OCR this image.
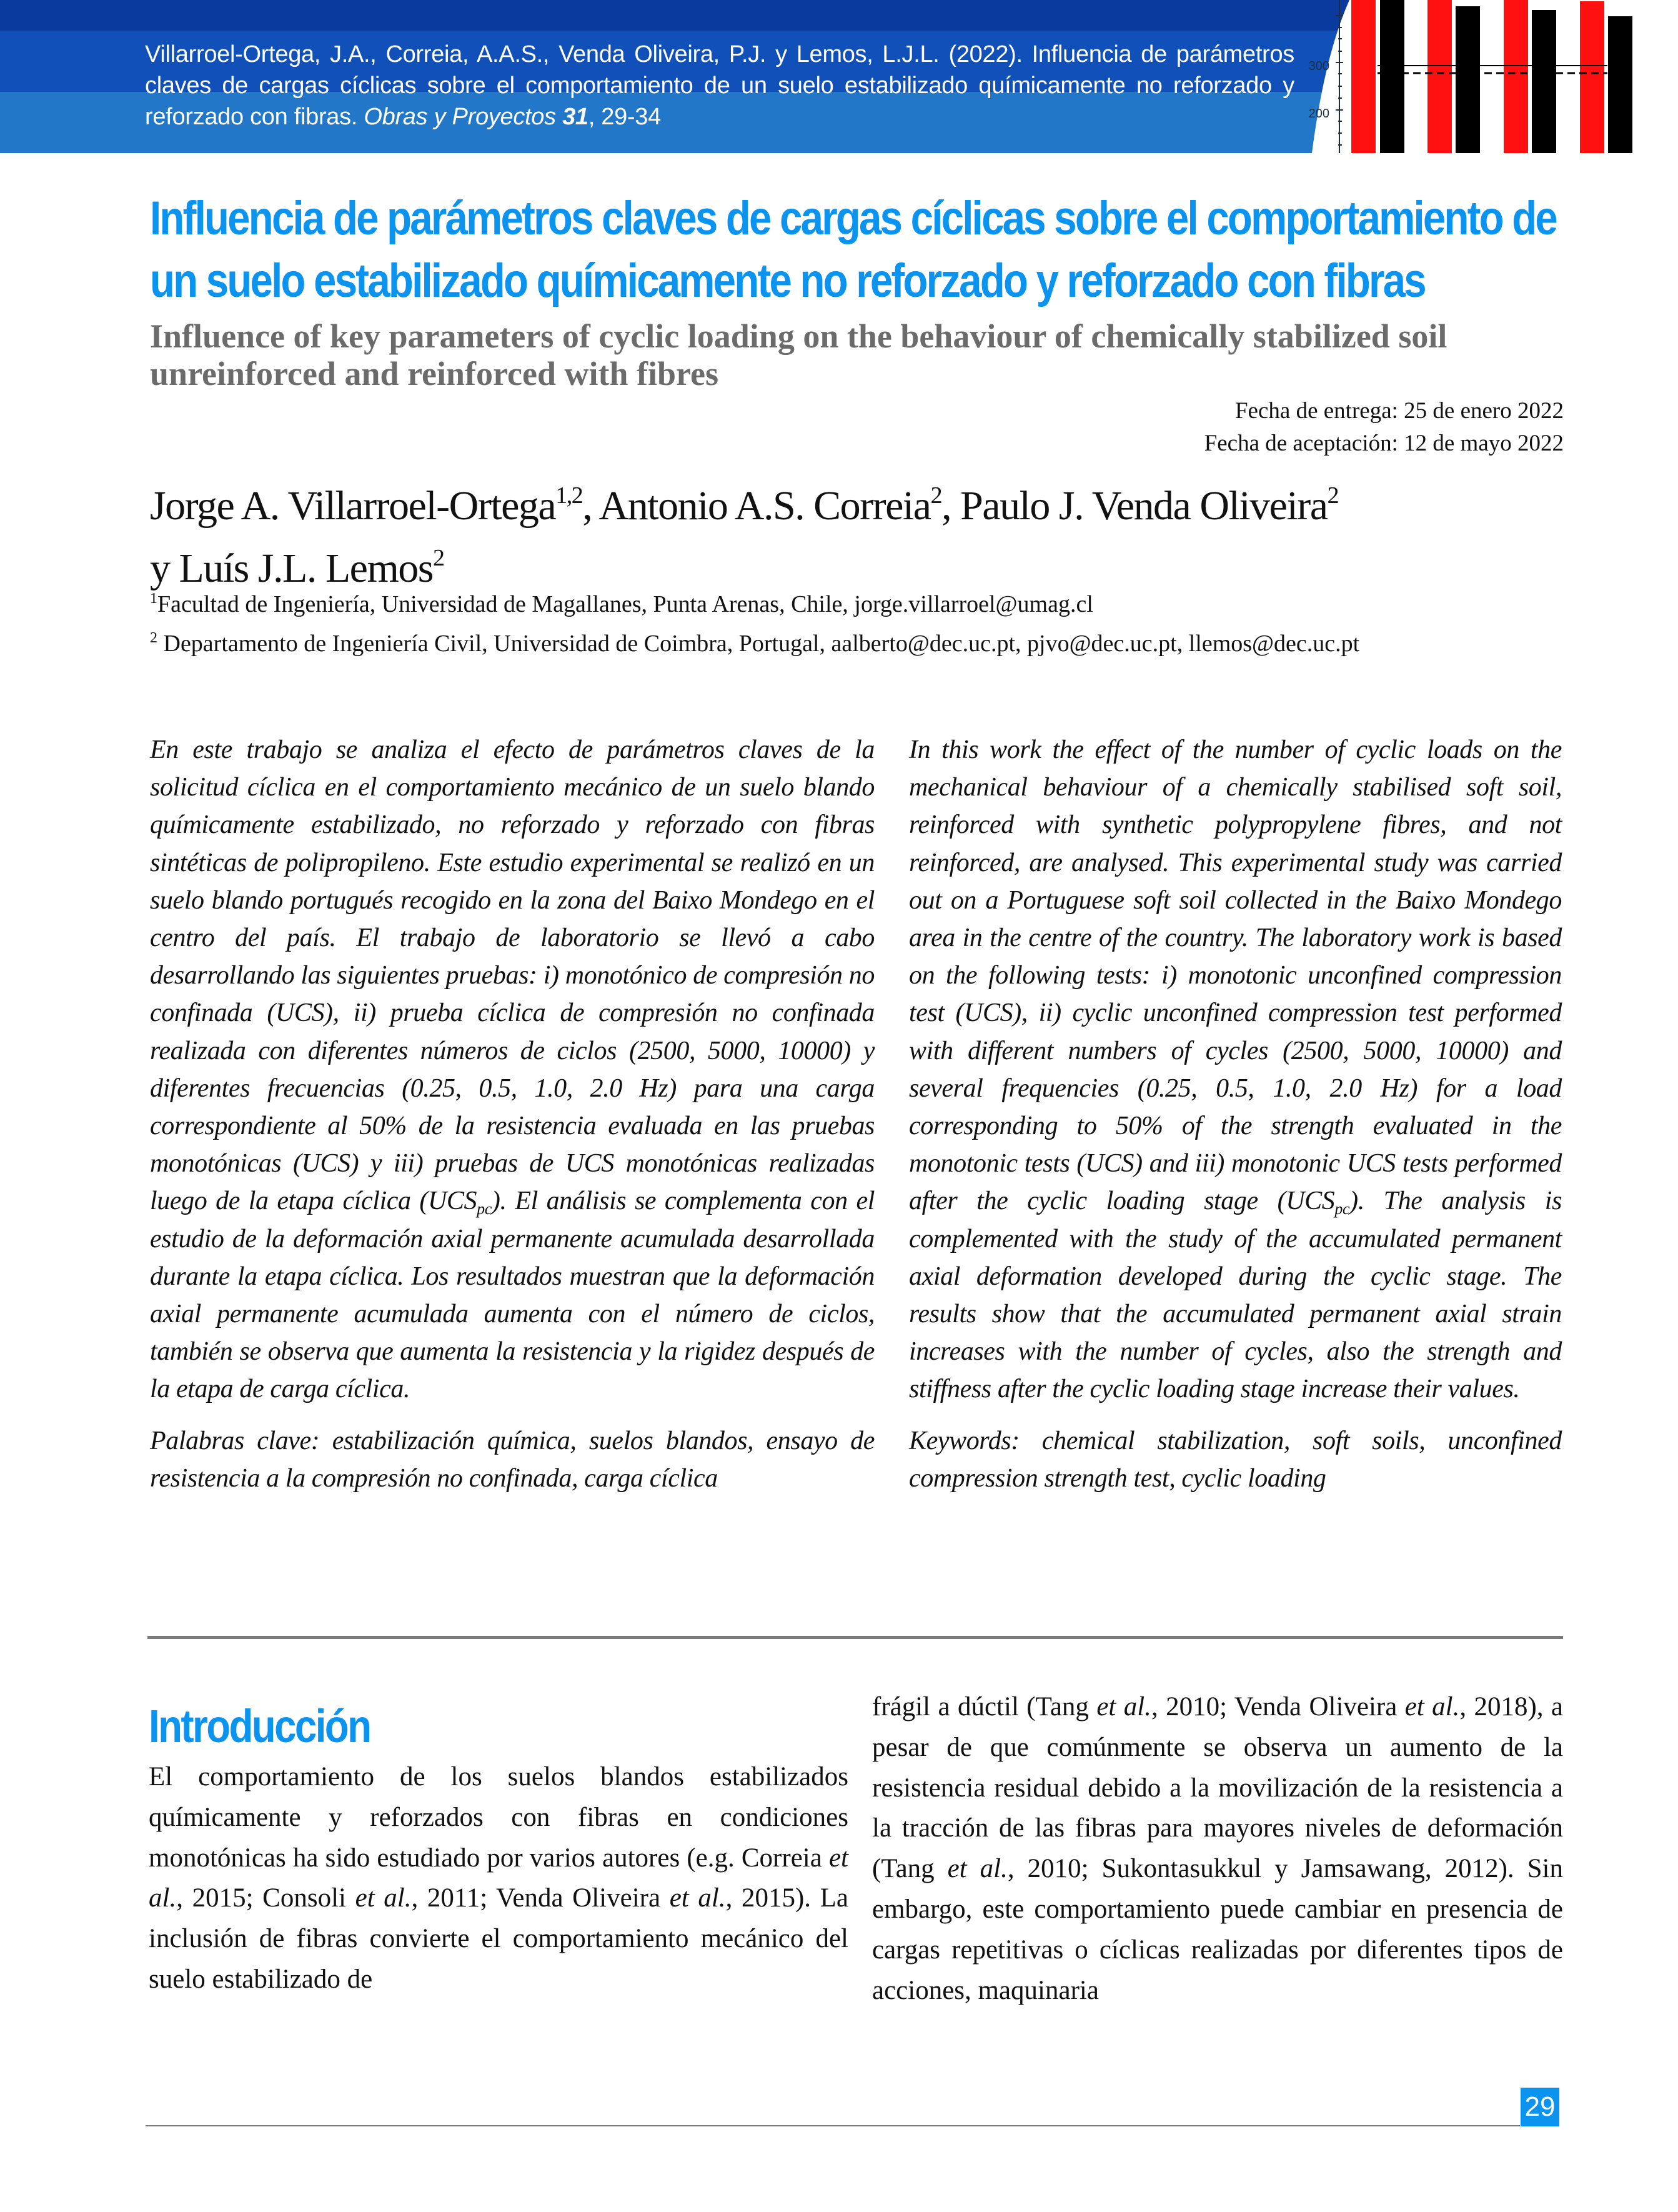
300
200
Villarroel-Ortega, J.A., Correia, A.A.S., Venda Oliveira, P.J. y Lemos, L.J.L. (2022). Influencia de parámetros claves de cargas cíclicas sobre el comportamiento de un suelo estabilizado químicamente no reforzado y reforzado con fibras. Obras y Proyectos 31, 29-34
Influencia de parámetros claves de cargas cíclicas sobre el comportamiento de un suelo estabilizado químicamente no reforzado y reforzado con fibras
Influence of key parameters of cyclic loading on the behaviour of chemically stabilized soil unreinforced and reinforced with fibres
Fecha de entrega: 25 de enero 2022
Fecha de aceptación: 12 de mayo 2022
Jorge A. Villarroel-Ortega$^{1,2}$, Antonio A.S. Correia$^2$, Paulo J. Venda Oliveira$^2$
y Luís J.L. Lemos$^2$
$^1$Facultad de Ingeniería, Universidad de Magallanes, Punta Arenas, Chile, jorge.villarroel@umag.cl
$^2$ Departamento de Ingeniería Civil, Universidad de Coimbra, Portugal, aalberto@dec.uc.pt, pjvo@dec.uc.pt, llemos@dec.uc.pt

En este trabajo se analiza el efecto de parámetros claves de la solicitud cíclica en el comportamiento mecánico de un suelo blando químicamente estabilizado, no reforzado y reforzado con fibras sintéticas de polipropileno. Este estudio experimental se realizó en un suelo blando portugués recogido en la zona del Baixo Mondego en el centro del país. El trabajo de laboratorio se llevó a cabo desarrollando las siguientes pruebas: i) monotónico de compresión no confinada (UCS), ii) prueba cíclica de compresión no confinada realizada con diferentes números de ciclos (2500, 5000, 10000) y diferentes frecuencias (0.25, 0.5, 1.0, 2.0 Hz) para una carga correspondiente al 50% de la resistencia evaluada en las pruebas monotónicas (UCS) y iii) pruebas de UCS monotónicas realizadas luego de la etapa cíclica $(UCS_{pc})$. El análisis se complementa con el estudio de la deformación axial permanente acumulada desarrollada durante la etapa cíclica. Los resultados muestran que la deformación axial permanente acumulada aumenta con el número de ciclos, también se observa que aumenta la resistencia y la rigidez después de la etapa de carga cíclica.

Palabras clave: estabilización química, suelos blandos, ensayo de resistencia a la compresión no confinada, carga cíclica

In this work the effect of the number of cyclic loads on the mechanical behaviour of a chemically stabilised soft soil, reinforced with synthetic polypropylene fibres, and not reinforced, are analysed. This experimental study was carried out on a Portuguese soft soil collected in the Baixo Mondego area in the centre of the country. The laboratory work is based on the following tests: i) monotonic unconfined compression test (UCS), ii) cyclic unconfined compression test performed with different numbers of cycles (2500, 5000, 10000) and several frequencies (0.25, 0.5, 1.0, 2.0 Hz) for a load corresponding to 50% of the strength evaluated in the monotonic tests (UCS) and iii) monotonic UCS tests performed after the cyclic loading stage $(UCS_{pc})$. The analysis is complemented with the study of the accumulated permanent axial deformation developed during the cyclic stage. The results show that the accumulated permanent axial strain increases with the number of cycles, also the strength and stiffness after the cyclic loading stage increase their values.

Keywords: chemical stabilization, soft soils, unconfined compression strength test, cyclic loading

Introducción
El comportamiento de los suelos blandos estabilizados químicamente y reforzados con fibras en condiciones monotónicas ha sido estudiado por varios autores (e.g. Correia et al., 2015; Consoli et al., 2011; Venda Oliveira et al., 2015). La inclusión de fibras convierte el comportamiento mecánico del suelo estabilizado de
frágil a dúctil (Tang et al., 2010; Venda Oliveira et al., 2018), a pesar de que comúnmente se observa un aumento de la resistencia residual debido a la movilización de la resistencia a la tracción de las fibras para mayores niveles de deformación (Tang et al., 2010; Sukontasukkul y Jamsawang, 2012). Sin embargo, este comportamiento puede cambiar en presencia de cargas repetitivas o cíclicas realizadas por diferentes tipos de acciones, maquinaria
29
